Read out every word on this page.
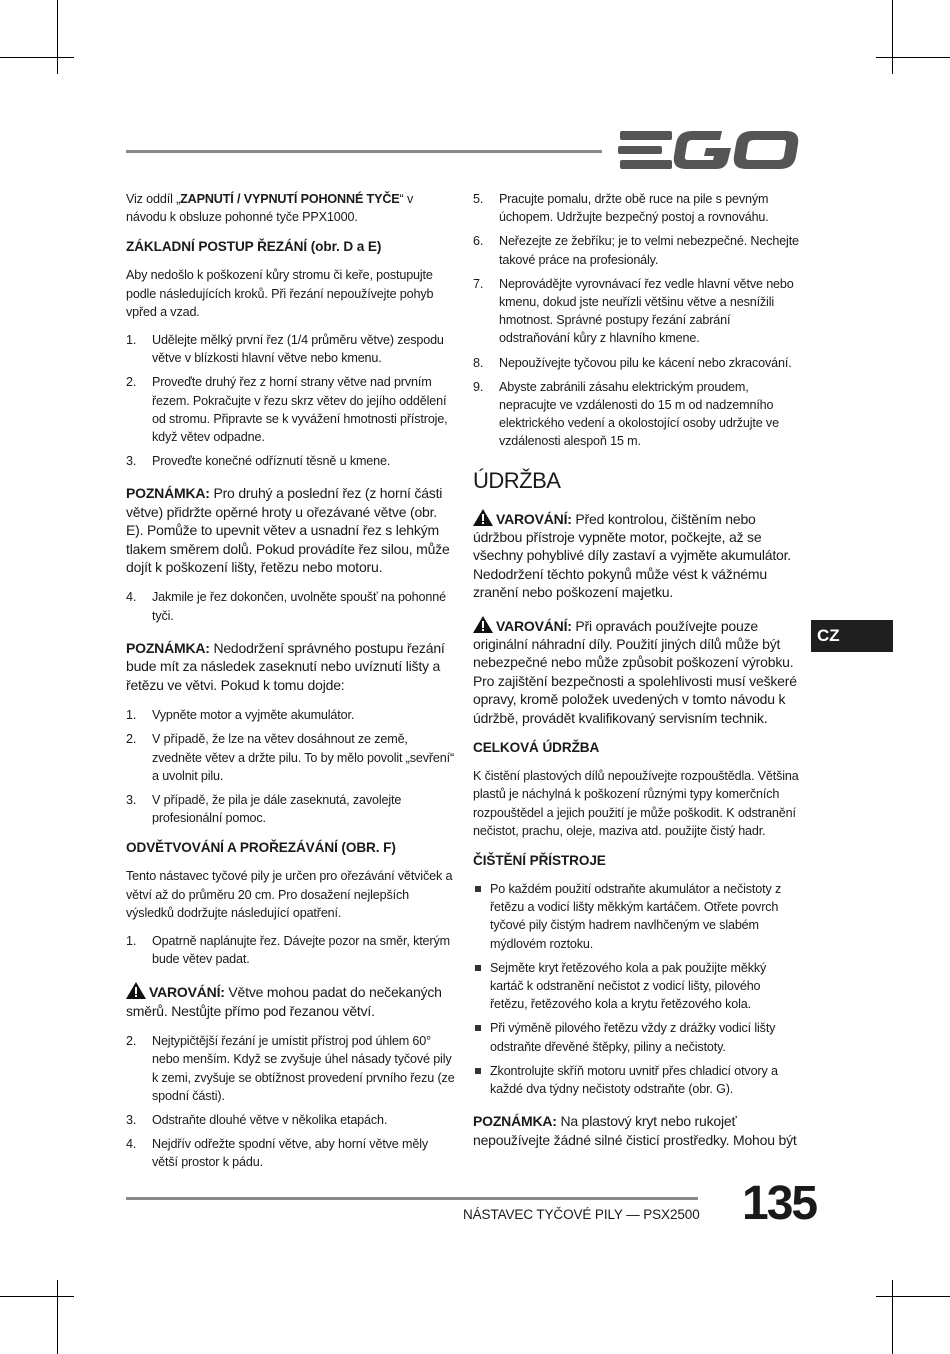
Viz oddíl „ZAPNUTÍ / VYPNUTÍ POHONNÉ TYČE“ v návodu k obsluze pohonné tyče PPX1000.

ZÁKLADNÍ POSTUP ŘEZÁNÍ (obr. D a E)

Aby nedošlo k poškození kůry stromu či keře, postupujte podle následujících kroků. Při řezání nepoužívejte pohyb vpřed a vzad.

1. Udělejte mělký první řez (1/4 průměru větve) zespodu větve v blízkosti hlavní větve nebo kmenu.
2. Proveďte druhý řez z horní strany větve nad prvním řezem. Pokračujte v řezu skrz větev do jejího oddělení od stromu. Připravte se k vyvážení hmotnosti přístroje, když větev odpadne.
3. Proveďte konečné odříznutí těsně u kmene.

POZNÁMKA: Pro druhý a poslední řez (z horní části větve) přidržte opěrné hroty u ořezávané větve (obr. E). Pomůže to upevnit větev a usnadní řez s lehkým tlakem směrem dolů. Pokud provádíte řez silou, může dojít k poškození lišty, řetězu nebo motoru.

4. Jakmile je řez dokončen, uvolněte spoušť na pohonné tyči.

POZNÁMKA: Nedodržení správného postupu řezání bude mít za následek zaseknutí nebo uvíznutí lišty a řetězu ve větvi. Pokud k tomu dojde:

1. Vypněte motor a vyjměte akumulátor.
2. V případě, že lze na větev dosáhnout ze země, zvedněte větev a držte pilu. To by mělo povolit „sevření“ a uvolnit pilu.
3. V případě, že pila je dále zaseknutá, zavolejte profesionální pomoc.
ODVĚTVOVÁNÍ A PROŘEZÁVÁNÍ (OBR. F)

Tento nástavec tyčové pily je určen pro ořezávání větviček a větví až do průměru 20 cm. Pro dosažení nejlepších výsledků dodržujte následující opatření.

1. Opatrně naplánujte řez. Dávejte pozor na směr, kterým bude větev padat.

VAROVÁNÍ: Větve mohou padat do nečekaných směrů. Nestůjte přímo pod řezanou větví.

2. Nejtypičtější řezání je umístit přístroj pod úhlem 60° nebo menším. Když se zvyšuje úhel násady tyčové pily k zemi, zvyšuje se obtížnost provedení prvního řezu (ze spodní části).
3. Odstraňte dlouhé větve v několika etapách.
4. Nejdřív odřežte spodní větve, aby horní větve měly větší prostor k pádu.
5. Pracujte pomalu, držte obě ruce na pile s pevným úchopem. Udržujte bezpečný postoj a rovnováhu.
6. Neřezejte ze žebříku; je to velmi nebezpečné. Nechejte takové práce na profesionály.
7. Neprovádějte vyrovnávací řez vedle hlavní větve nebo kmenu, dokud jste neuřízli většinu větve a nesnížili hmotnost. Správné postupy řezání zabrání odstraňování kůry z hlavního kmene.
8. Nepoužívejte tyčovou pilu ke kácení nebo zkracování.
9. Abyste zabránili zásahu elektrickým proudem, nepracujte ve vzdálenosti do 15 m od nadzemního elektrického vedení a okolostojící osoby udržujte ve vzdálenosti alespoň 15 m.
ÚDRŽBA

VAROVÁNÍ: Před kontrolou, čištěním nebo údržbou přístroje vypněte motor, počkejte, až se všechny pohyblivé díly zastaví a vyjměte akumulátor. Nedodržení těchto pokynů může vést k vážnému zranění nebo poškození majetku.

VAROVÁNÍ: Při opravách používejte pouze originální náhradní díly. Použití jiných dílů může být nebezpečné nebo může způsobit poškození výrobku. Pro zajištění bezpečnosti a spolehlivosti musí veškeré opravy, kromě položek uvedených v tomto návodu k údržbě, provádět kvalifikovaný servisním technik.

CELKOVÁ ÚDRŽBA

K čistění plastových dílů nepoužívejte rozpouštědla. Většina plastů je náchylná k poškození různými typy komerčních rozpouštědel a jejich použití je může poškodit. K odstranění nečistot, prachu, oleje, maziva atd. použijte čistý hadr.

ČIŠTĚNÍ PŘÍSTROJE
Po každém použití odstraňte akumulátor a nečistoty z řetězu a vodicí lišty měkkým kartáčem. Otřete povrch tyčové pily čistým hadrem navlhčeným ve slabém mýdlovém roztoku.
Sejměte kryt řetězového kola a pak použijte měkký kartáč k odstranění nečistot z vodicí lišty, pilového řetězu, řetězového kola a krytu řetězového kola.
Při výměně pilového řetězu vždy z drážky vodicí lišty odstraňte dřevěné štěpky, piliny a nečistoty.
Zkontrolujte skříň motoru uvnitř přes chladicí otvory a každé dva týdny nečistoty odstraňte (obr. G).

POZNÁMKA: Na plastový kryt nebo rukojeť nepoužívejte žádné silné čisticí prostředky. Mohou být

CZ
NÁSTAVEC TYČOVÉ PILY — PSX2500 135
